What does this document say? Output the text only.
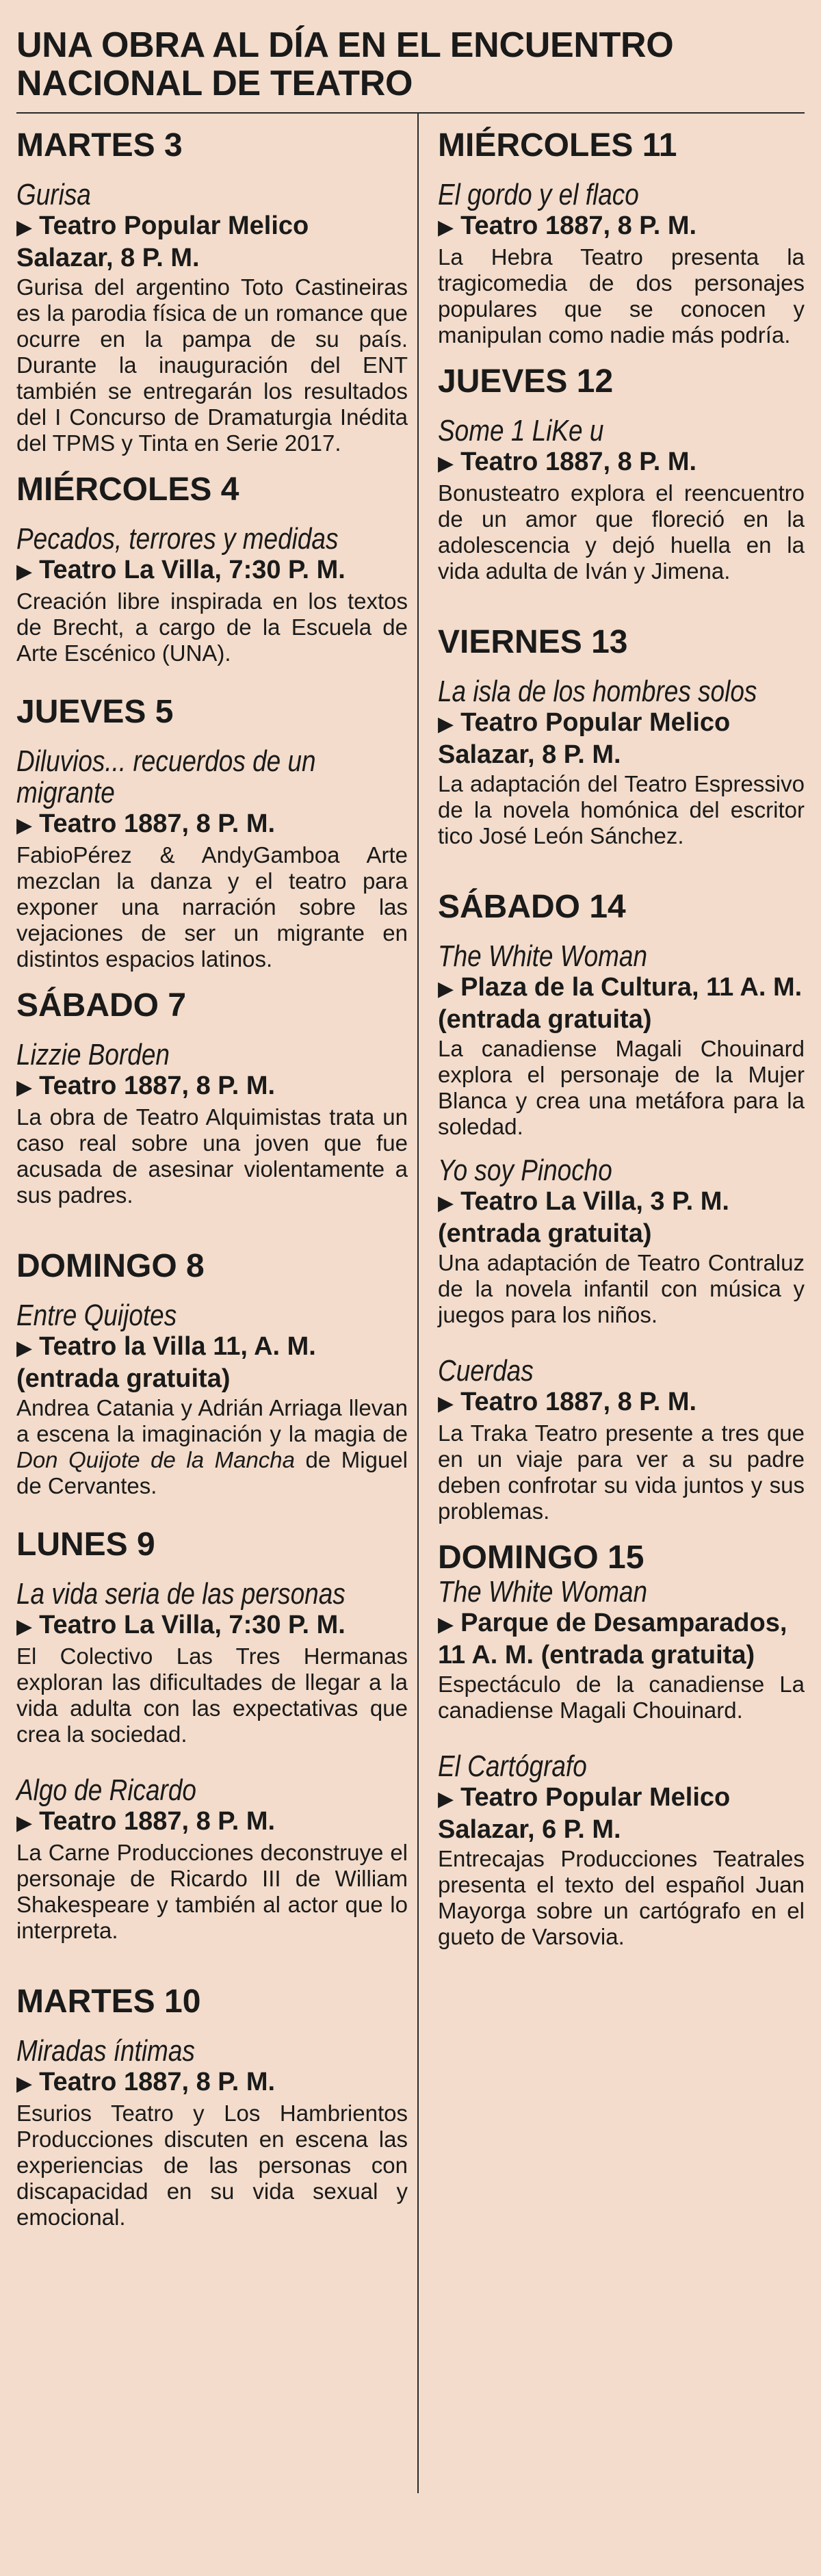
UNA OBRA AL DÍA EN EL ENCUENTRO NACIONAL DE TEATRO
MARTES 3

Gurisa

▶ Teatro Popular Melico Salazar, 8 P. M.

Gurisa del argentino Toto Castineiras es la parodia física de un romance que ocurre en la pampa de su país. Durante la inauguración del ENT también se entregarán los resultados del I Concurso de Dramaturgia Inédita del TPMS y Tinta en Serie 2017.

MIÉRCOLES 4

Pecados, terrores y medidas

▶ Teatro La Villa, 7:30 P. M.

Creación libre inspirada en los textos de Brecht, a cargo de la Escuela de Arte Escénico (UNA).

JUEVES 5

Diluvios... recuerdos de un migrante

▶ Teatro 1887, 8 P. M.

FabioPérez & AndyGamboa Arte mezclan la danza y el teatro para exponer una narración sobre las vejaciones de ser un migrante en distintos espacios latinos.

SÁBADO 7

Lizzie Borden

▶ Teatro 1887, 8 P. M.

La obra de Teatro Alquimistas trata un caso real sobre una joven que fue acusada de asesinar violentamente a sus padres.

DOMINGO 8

Entre Quijotes

▶ Teatro la Villa 11, A. M. (entrada gratuita)

Andrea Catania y Adrián Arriaga llevan a escena la imaginación y la magia de Don Quijote de la Mancha de Miguel de Cervantes.

LUNES 9

La vida seria de las personas

▶ Teatro La Villa, 7:30 P. M.

El Colectivo Las Tres Hermanas exploran las dificultades de llegar a la vida adulta con las expectativas que crea la sociedad.

Algo de Ricardo

▶ Teatro 1887, 8 P. M.

La Carne Producciones deconstruye el personaje de Ricardo III de William Shakespeare y también al actor que lo interpreta.

MARTES 10

Miradas íntimas

▶ Teatro 1887, 8 P. M.

Esurios Teatro y Los Hambrientos Producciones discuten en escena las experiencias de las personas con discapacidad en su vida sexual y emocional.

MIÉRCOLES 11

El gordo y el flaco

▶ Teatro 1887, 8 P. M.

La Hebra Teatro presenta la tragicomedia de dos personajes populares que se conocen y manipulan como nadie más podría.

JUEVES 12

Some 1 LiKe u

▶ Teatro 1887, 8 P. M.

Bonusteatro explora el reencuentro de un amor que floreció en la adolescencia y dejó huella en la vida adulta de Iván y Jimena.

VIERNES 13

La isla de los hombres solos

▶ Teatro Popular Melico Salazar, 8 P. M.

La adaptación del Teatro Espressivo de la novela homónica del escritor tico José León Sánchez.

SÁBADO 14

The White Woman

▶ Plaza de la Cultura, 11 A. M. (entrada gratuita)

La canadiense Magali Chouinard explora el personaje de la Mujer Blanca y crea una metáfora para la soledad.

Yo soy Pinocho

▶ Teatro La Villa, 3 P. M. (entrada gratuita)

Una adaptación de Teatro Contraluz de la novela infantil con música y juegos para los niños.

Cuerdas

▶ Teatro 1887, 8 P. M.

La Traka Teatro presente a tres que en un viaje para ver a su padre deben confrotar su vida juntos y sus problemas.

DOMINGO 15

The White Woman

▶ Parque de Desamparados, 11 A. M. (entrada gratuita)

Espectáculo de la canadiense La canadiense Magali Chouinard.

El Cartógrafo

▶ Teatro Popular Melico Salazar, 6 P. M.

Entrecajas Producciones Teatrales presenta el texto del español Juan Mayorga sobre un cartógrafo en el gueto de Varsovia.
